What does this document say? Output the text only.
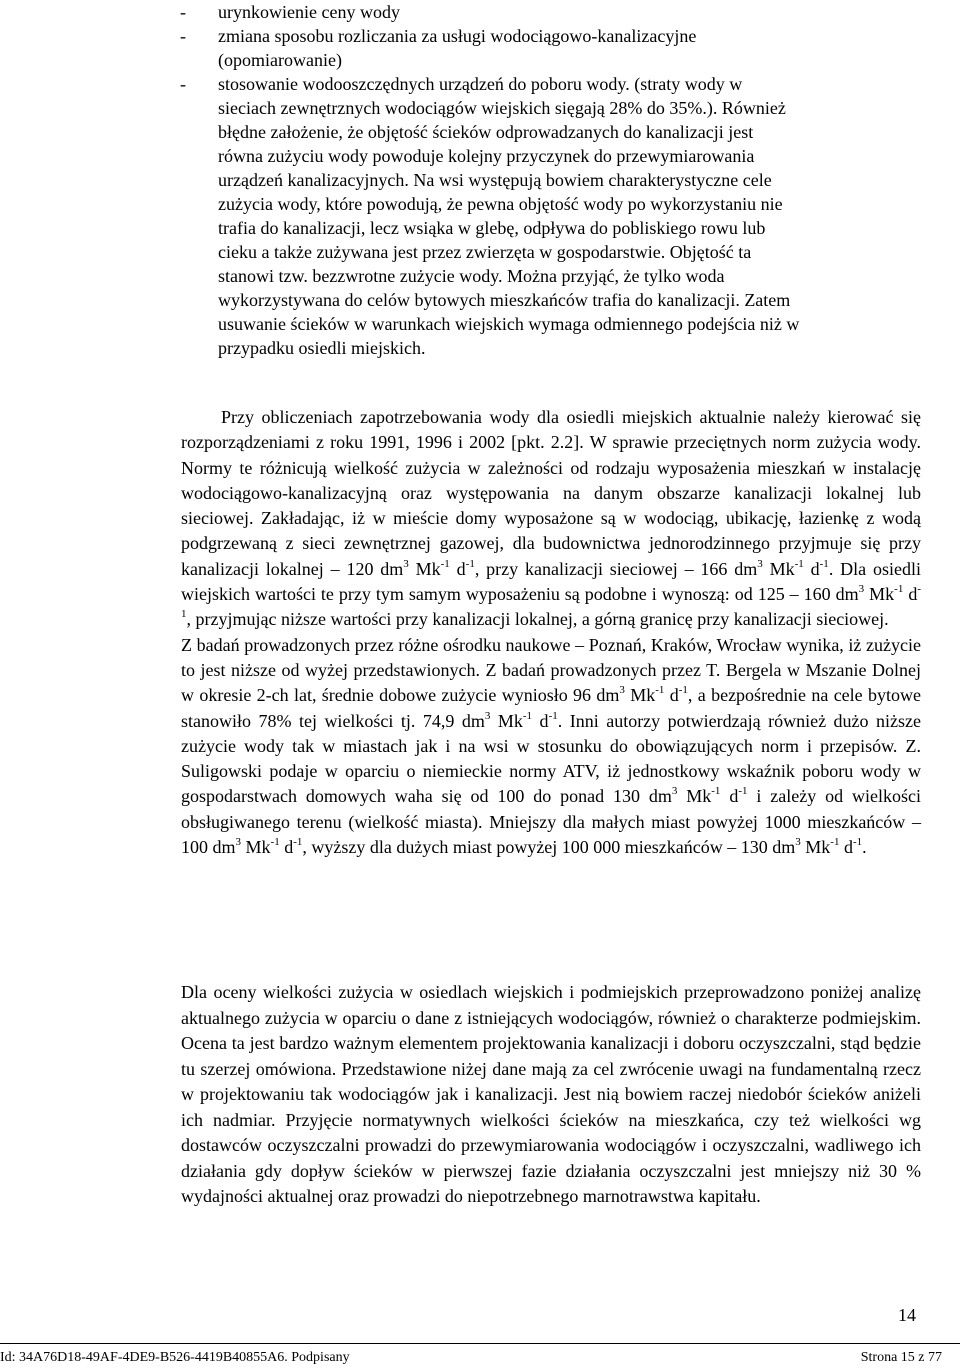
- urynkowienie ceny wody
- zmiana sposobu rozliczania za usługi wodociągowo-kanalizacyjne
(opomiarowanie)
- stosowanie wodooszczędnych urządzeń do poboru wody. (straty wody w
sieciach zewnętrznych wodociągów wiejskich sięgają 28% do 35%.). Również
błędne założenie, że objętość ścieków odprowadzanych do kanalizacji jest
równa zużyciu wody powoduje kolejny przyczynek do przewymiarowania
urządzeń kanalizacyjnych. Na wsi występują bowiem charakterystyczne cele
zużycia wody, które powodują, że pewna objętość wody po wykorzystaniu nie
trafia do kanalizacji, lecz wsiąka w glebę, odpływa do pobliskiego rowu lub
cieku a także zużywana jest przez zwierzęta w gospodarstwie. Objętość ta
stanowi tzw. bezzwrotne zużycie wody. Można przyjąć, że tylko woda
wykorzystywana do celów bytowych mieszkańców trafia do kanalizacji. Zatem
usuwanie ścieków w warunkach wiejskich wymaga odmiennego podejścia niż w
przypadku osiedli miejskich.
Przy obliczeniach zapotrzebowania wody dla osiedli miejskich aktualnie należy kierować się rozporządzeniami z roku 1991, 1996 i 2002 [pkt. 2.2]. W sprawie przeciętnych norm zużycia wody. Normy te różnicują wielkość zużycia w zależności od rodzaju wyposażenia mieszkań w instalację wodociągowo-kanalizacyjną oraz występowania na danym obszarze kanalizacji lokalnej lub sieciowej. Zakładając, iż w mieście domy wyposażone są w wodociąg, ubikację, łazienkę z wodą podgrzewaną z sieci zewnętrznej gazowej, dla budownictwa jednorodzinnego przyjmuje się przy kanalizacji lokalnej – 120 $dm^3$ $Mk^{-1}$ $d^{-1}$, przy kanalizacji sieciowej – 166 $dm^3$ $Mk^{-1}$ $d^{-1}$. Dla osiedli wiejskich wartości te przy tym samym wyposażeniu są podobne i wynoszą: od 125 – 160 $dm^3$ $Mk^{-1}$ $d^{-1}$, przyjmując niższe wartości przy kanalizacji lokalnej, a górną granicę przy kanalizacji sieciowej.
Z badań prowadzonych przez różne ośrodku naukowe – Poznań, Kraków, Wrocław wynika, iż zużycie to jest niższe od wyżej przedstawionych. Z badań prowadzonych przez T. Bergela w Mszanie Dolnej w okresie 2-ch lat, średnie dobowe zużycie wyniosło 96 $dm^3$ $Mk^{-1}$ $d^{-1}$, a bezpośrednie na cele bytowe stanowiło 78% tej wielkości tj. 74,9 $dm^3$ $Mk^{-1}$ $d^{-1}$. Inni autorzy potwierdzają również dużo niższe zużycie wody tak w miastach jak i na wsi w stosunku do obowiązujących norm i przepisów. Z. Suligowski podaje w oparciu o niemieckie normy ATV, iż jednostkowy wskaźnik poboru wody w gospodarstwach domowych waha się od 100 do ponad 130 $dm^3$ $Mk^{-1}$ $d^{-1}$ i zależy od wielkości obsługiwanego terenu (wielkość miasta). Mniejszy dla małych miast powyżej 1000 mieszkańców – 100 $dm^3$ $Mk^{-1}$ $d^{-1}$, wyższy dla dużych miast powyżej 100 000 mieszkańców – 130 $dm^3$ $Mk^{-1}$ $d^{-1}$.
Dla oceny wielkości zużycia w osiedlach wiejskich i podmiejskich przeprowadzono poniżej analizę aktualnego zużycia w oparciu o dane z istniejących wodociągów, również o charakterze podmiejskim. Ocena ta jest bardzo ważnym elementem projektowania kanalizacji i doboru oczyszczalni, stąd będzie tu szerzej omówiona. Przedstawione niżej dane mają za cel zwrócenie uwagi na fundamentalną rzecz w projektowaniu tak wodociągów jak i kanalizacji. Jest nią bowiem raczej niedobór ścieków aniżeli ich nadmiar. Przyjęcie normatywnych wielkości ścieków na mieszkańca, czy też wielkości wg dostawców oczyszczalni prowadzi do przewymiarowania wodociągów i oczyszczalni, wadliwego ich działania gdy dopływ ścieków w pierwszej fazie działania oczyszczalni jest mniejszy niż 30 % wydajności aktualnej oraz prowadzi do niepotrzebnego marnotrawstwa kapitału.
14
Id: 34A76D18-49AF-4DE9-B526-4419B40855A6. Podpisany	Strona 15 z 77
